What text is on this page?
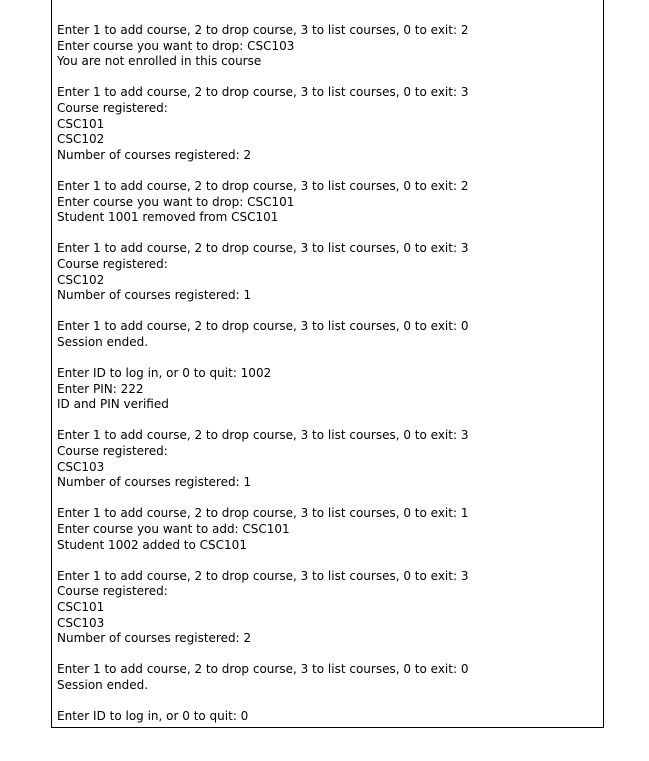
Enter 1 to add course, 2 to drop course, 3 to list courses, 0 to exit: 2
Enter course you want to drop: CSC103
You are not enrolled in this course
Enter 1 to add course, 2 to drop course, 3 to list courses, 0 to exit: 3
Course registered:
CSC101
CSC102
Number of courses registered: 2
Enter 1 to add course, 2 to drop course, 3 to list courses, 0 to exit: 2
Enter course you want to drop: CSC101
Student 1001 removed from CSC101
Enter 1 to add course, 2 to drop course, 3 to list courses, 0 to exit: 3
Course registered:
CSC102
Number of courses registered: 1
Enter 1 to add course, 2 to drop course, 3 to list courses, 0 to exit: 0
Session ended.
Enter ID to log in, or 0 to quit: 1002
Enter PIN: 222
ID and PIN verified
Enter 1 to add course, 2 to drop course, 3 to list courses, 0 to exit: 3
Course registered:
CSC103
Number of courses registered: 1
Enter 1 to add course, 2 to drop course, 3 to list courses, 0 to exit: 1
Enter course you want to add: CSC101
Student 1002 added to CSC101
Enter 1 to add course, 2 to drop course, 3 to list courses, 0 to exit: 3
Course registered:
CSC101
CSC103
Number of courses registered: 2
Enter 1 to add course, 2 to drop course, 3 to list courses, 0 to exit: 0
Session ended.
Enter ID to log in, or 0 to quit: 0
